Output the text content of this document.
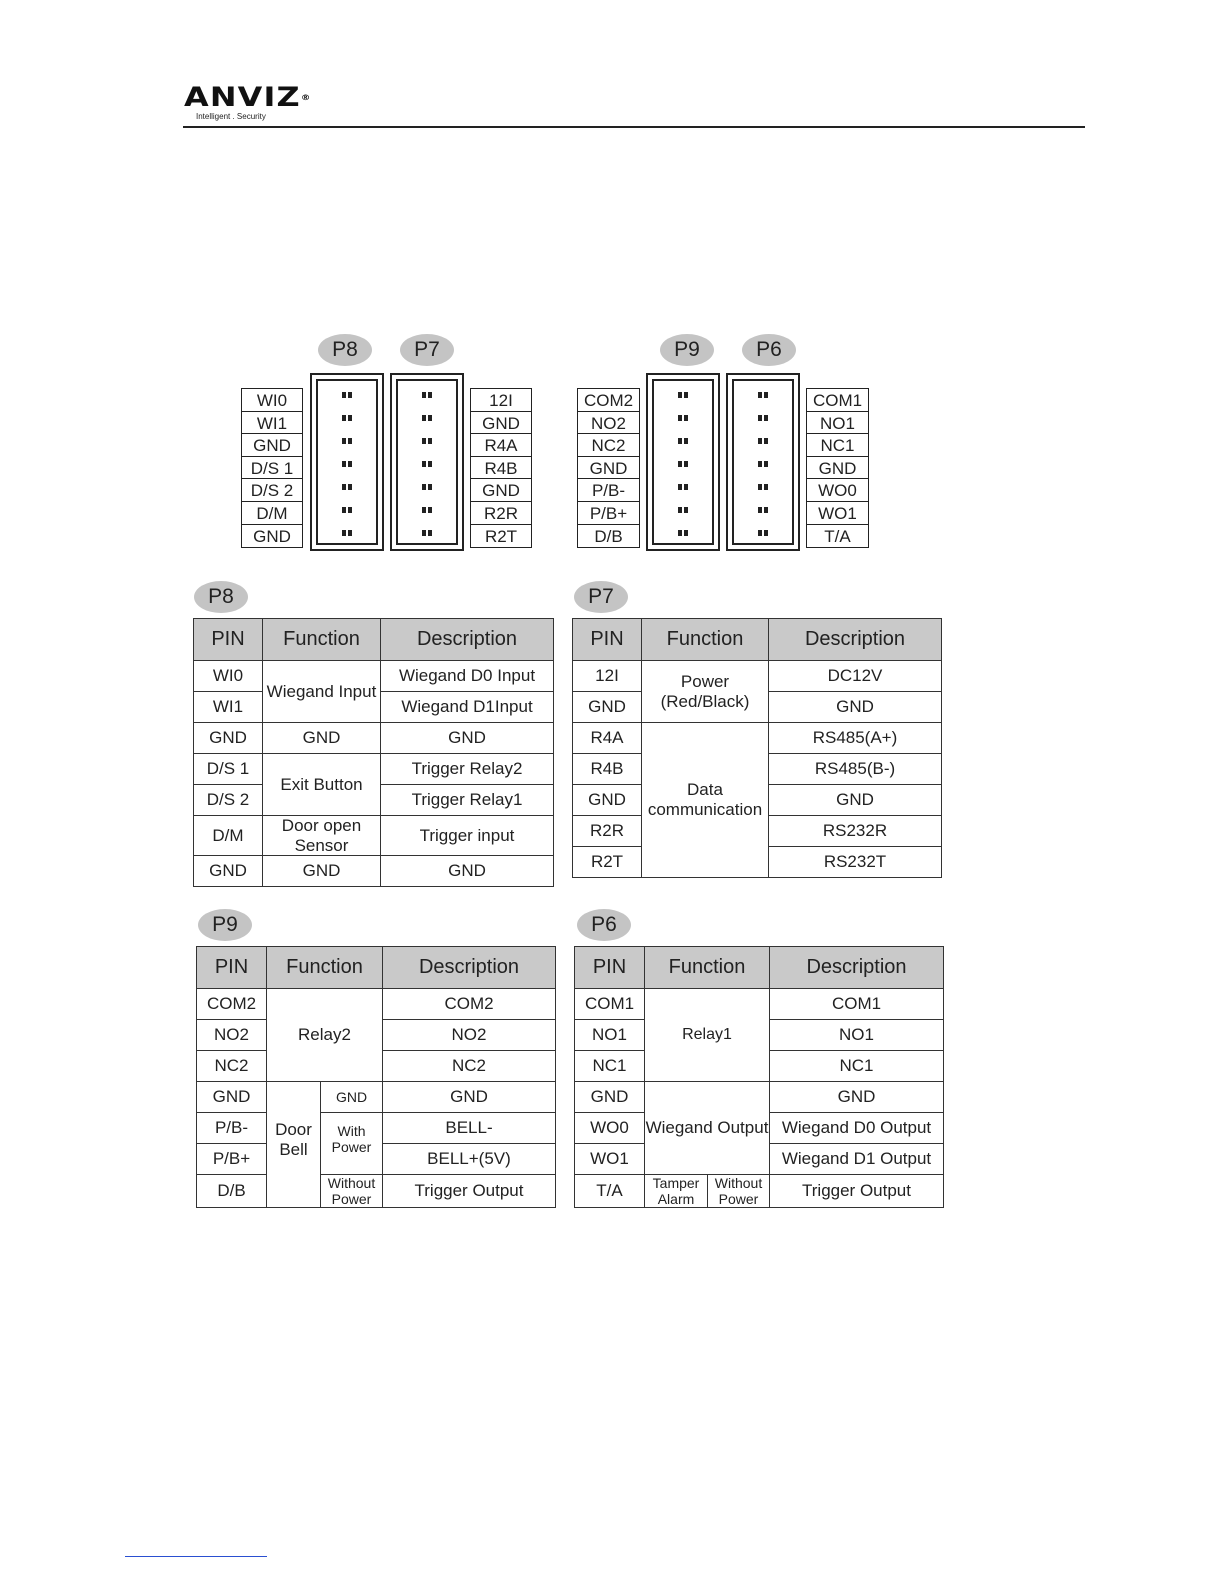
ANVIZ®
Intelligent . Security
P8
WI0
WI1
GND
D/S 1
D/S 2
D/M
GND
P7
12I
GND
R4A
R4B
GND
R2R
R2T
P9
COM2
NO2
NC2
GND
P/B-
P/B+
D/B
P6
COM1
NO1
NC1
GND
WO0
WO1
T/A
P8
PIN	Function	Description
WI0	Wiegand Input	Wiegand D0 Input
WI1		Wiegand D1Input
GND	GND	GND
D/S 1	Exit Button	Trigger Relay2
D/S 2		Trigger Relay1
D/M	Door open Sensor	Trigger input
GND	GND	GND
P7
PIN	Function	Description
12I	Power (Red/Black)	DC12V
GND		GND
R4A	Data communication	RS485(A+)
R4B		RS485(B-)
GND		GND
R2R		RS232R
R2T		RS232T
P9
PIN	Function		Description
COM2	Relay2		COM2
NO2			NO2
NC2			NC2
GND	Door Bell	GND	GND
P/B-		With Power	BELL-
P/B+			BELL+(5V)
D/B		Without Power	Trigger Output
P6
PIN	Function		Description
COM1	Relay1		COM1
NO1			NO1
NC1			NC1
GND	Wiegand Output		GND
WO0			Wiegand D0 Output
WO1			Wiegand D1 Output
T/A	Tamper Alarm	Without Power	Trigger Output
